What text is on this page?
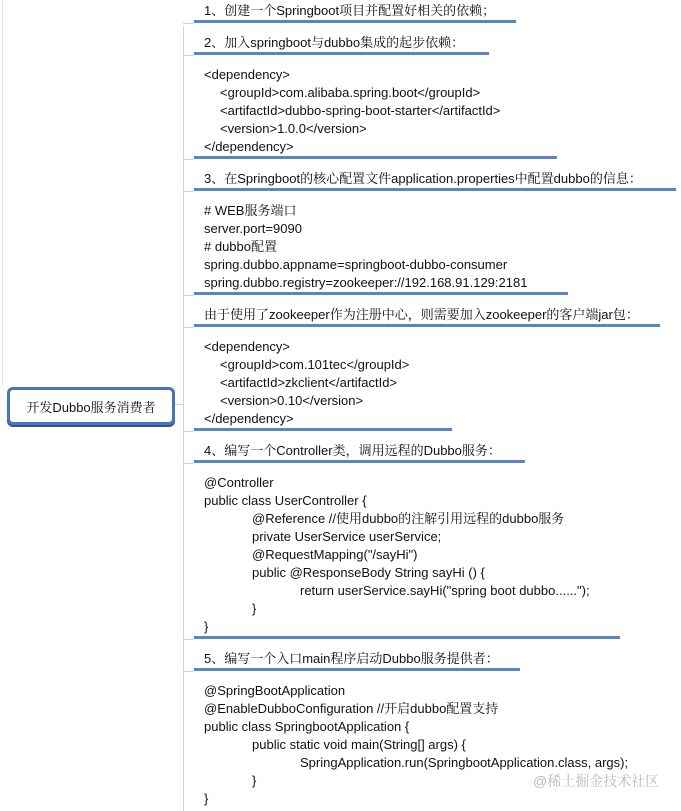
开发Dubbo服务消费者
1、创建一个Springboot项目并配置好相关的依赖；
2、加入springboot与dubbo集成的起步依赖：
<dependency>
<groupId>com.alibaba.spring.boot</groupId>
<artifactId>dubbo-spring-boot-starter</artifactId>
<version>1.0.0</version>
</dependency>
3、在Springboot的核心配置文件application.properties中配置dubbo的信息：
# WEB服务端口
server.port=9090
# dubbo配置
spring.dubbo.appname=springboot-dubbo-consumer
spring.dubbo.registry=zookeeper://192.168.91.129:2181
由于使用了zookeeper作为注册中心，则需要加入zookeeper的客户端jar包：
<dependency>
<groupId>com.101tec</groupId>
<artifactId>zkclient</artifactId>
<version>0.10</version>
</dependency>
4、编写一个Controller类，调用远程的Dubbo服务：
@Controller
public class UserController {
@Reference //使用dubbo的注解引用远程的dubbo服务
private UserService userService;
@RequestMapping("/sayHi")
public @ResponseBody String sayHi () {
return userService.sayHi("spring boot dubbo......");
}
}
5、编写一个入口main程序启动Dubbo服务提供者：
@SpringBootApplication
@EnableDubboConfiguration //开启dubbo配置支持
public class SpringbootApplication {
public static void main(String[] args) {
SpringApplication.run(SpringbootApplication.class, args);
}
}
@稀土掘金技术社区
